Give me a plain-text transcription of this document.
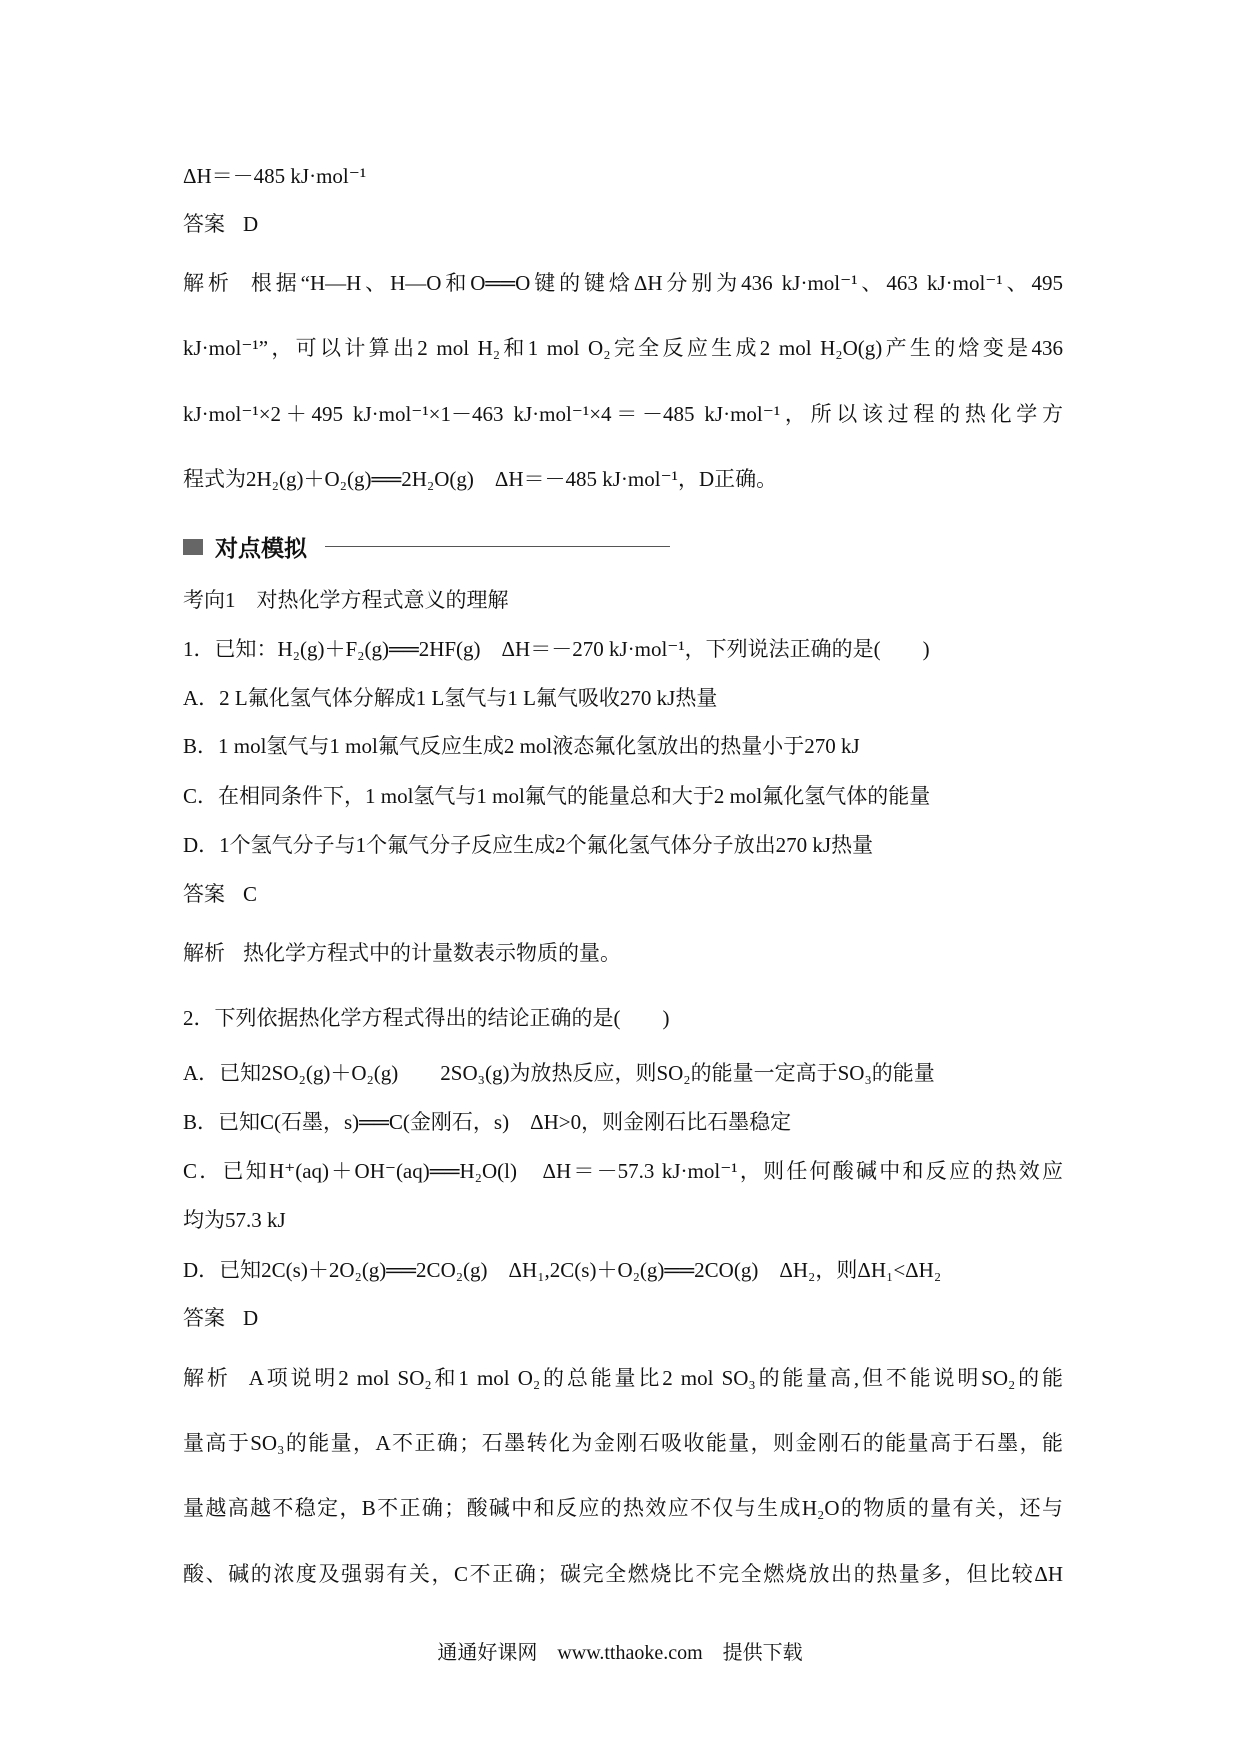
ΔH＝－485 kJ·mol⁻¹
答案 D
解析 根据“H—H、H—O和O══O键的键焓ΔH分别为436 kJ·mol⁻¹、463 kJ·mol⁻¹、495
kJ·mol⁻¹”，可以计算出2 mol H₂和1 mol O₂完全反应生成2 mol H₂O(g)产生的焓变是436
kJ·mol⁻¹×2＋495 kJ·mol⁻¹×1－463 kJ·mol⁻¹×4＝－485 kJ·mol⁻¹，所以该过程的热化学方
程式为2H₂(g)＋O₂(g)══2H₂O(g)　ΔH＝－485 kJ·mol⁻¹，D正确。
对点模拟
考向1　对热化学方程式意义的理解
1．已知：H₂(g)＋F₂(g)══2HF(g)　ΔH＝－270 kJ·mol⁻¹，下列说法正确的是(　　)
A．2 L氟化氢气体分解成1 L氢气与1 L氟气吸收270 kJ热量
B．1 mol氢气与1 mol氟气反应生成2 mol液态氟化氢放出的热量小于270 kJ
C．在相同条件下，1 mol氢气与1 mol氟气的能量总和大于2 mol氟化氢气体的能量
D．1个氢气分子与1个氟气分子反应生成2个氟化氢气体分子放出270 kJ热量
答案 C
解析 热化学方程式中的计量数表示物质的量。
2．下列依据热化学方程式得出的结论正确的是(　　)
A．已知2SO₂(g)＋O₂(g)　　2SO₃(g)为放热反应，则SO₂的能量一定高于SO₃的能量
B．已知C(石墨，s)══C(金刚石，s)　ΔH>0，则金刚石比石墨稳定
C．已知H⁺(aq)＋OH⁻(aq)══H₂O(l)　ΔH＝－57.3 kJ·mol⁻¹，则任何酸碱中和反应的热效应
均为57.3 kJ
D．已知2C(s)＋2O₂(g)══2CO₂(g)　ΔH₁,2C(s)＋O₂(g)══2CO(g)　ΔH₂，则ΔH₁<ΔH₂
答案 D
解析 A项说明2 mol SO₂和1 mol O₂的总能量比2 mol SO₃的能量高,但不能说明SO₂的能
量高于SO₃的能量，A不正确；石墨转化为金刚石吸收能量，则金刚石的能量高于石墨，能
量越高越不稳定，B不正确；酸碱中和反应的热效应不仅与生成H₂O的物质的量有关，还与
酸、碱的浓度及强弱有关，C不正确；碳完全燃烧比不完全燃烧放出的热量多，但比较ΔH
通通好课网　www.tthaoke.com　提供下载
